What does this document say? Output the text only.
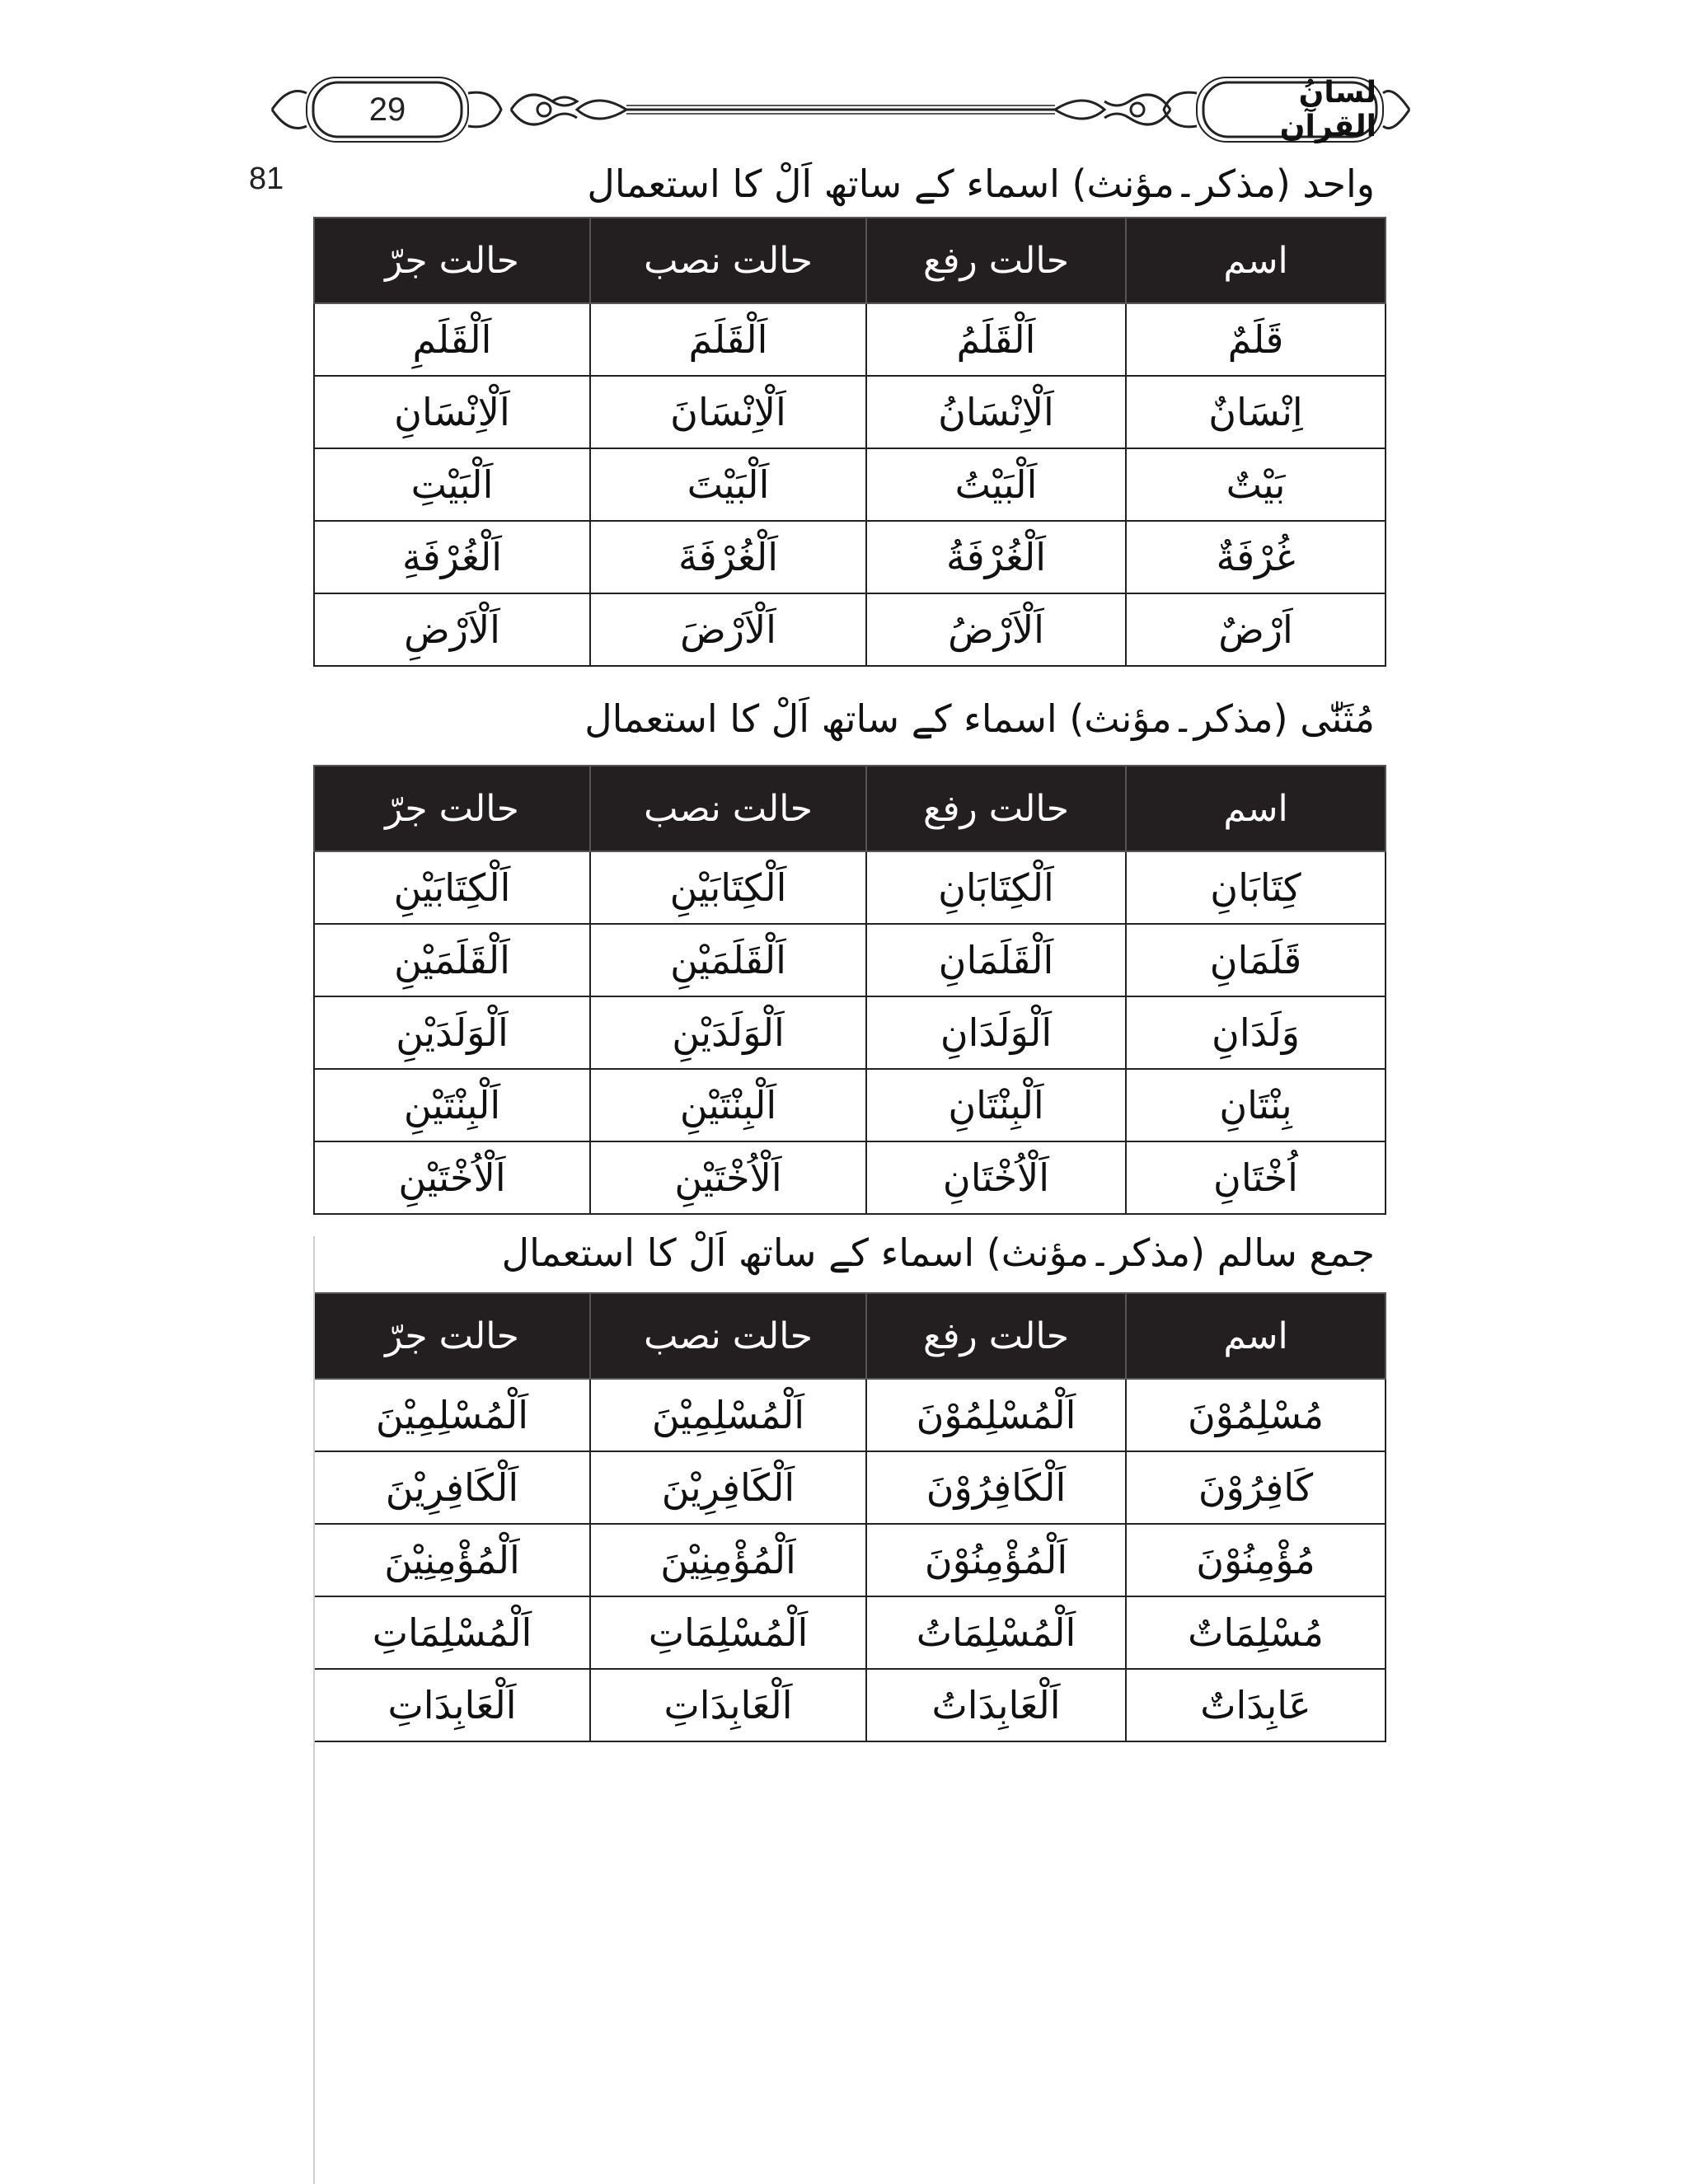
29	لسانُ القرآن
81	واحد (مذکر۔مؤنث) اسماء کے ساتھ اَلْ کا استعمال
اسم	حالت رفع	حالت نصب	حالت جرّ
قَلَمٌ	اَلْقَلَمُ	اَلْقَلَمَ	اَلْقَلَمِ
اِنْسَانٌ	اَلْاِنْسَانُ	اَلْاِنْسَانَ	اَلْاِنْسَانِ
بَيْتٌ	اَلْبَيْتُ	اَلْبَيْتَ	اَلْبَيْتِ
غُرْفَةٌ	اَلْغُرْفَةُ	اَلْغُرْفَةَ	اَلْغُرْفَةِ
اَرْضٌ	اَلْاَرْضُ	اَلْاَرْضَ	اَلْاَرْضِ
مُثَنّٰی (مذکر۔مؤنث) اسماء کے ساتھ اَلْ کا استعمال
اسم	حالت رفع	حالت نصب	حالت جرّ
كِتَابَانِ	اَلْكِتَابَانِ	اَلْكِتَابَيْنِ	اَلْكِتَابَيْنِ
قَلَمَانِ	اَلْقَلَمَانِ	اَلْقَلَمَيْنِ	اَلْقَلَمَيْنِ
وَلَدَانِ	اَلْوَلَدَانِ	اَلْوَلَدَيْنِ	اَلْوَلَدَيْنِ
بِنْتَانِ	اَلْبِنْتَانِ	اَلْبِنْتَيْنِ	اَلْبِنْتَيْنِ
اُخْتَانِ	اَلْاُخْتَانِ	اَلْاُخْتَيْنِ	اَلْاُخْتَيْنِ
جمع سالم (مذکر۔مؤنث) اسماء کے ساتھ اَلْ کا استعمال
اسم	حالت رفع	حالت نصب	حالت جرّ
مُسْلِمُوْنَ	اَلْمُسْلِمُوْنَ	اَلْمُسْلِمِيْنَ	اَلْمُسْلِمِيْنَ
كَافِرُوْنَ	اَلْكَافِرُوْنَ	اَلْكَافِرِيْنَ	اَلْكَافِرِيْنَ
مُؤْمِنُوْنَ	اَلْمُؤْمِنُوْنَ	اَلْمُؤْمِنِيْنَ	اَلْمُؤْمِنِيْنَ
مُسْلِمَاتٌ	اَلْمُسْلِمَاتُ	اَلْمُسْلِمَاتِ	اَلْمُسْلِمَاتِ
عَابِدَاتٌ	اَلْعَابِدَاتُ	اَلْعَابِدَاتِ	اَلْعَابِدَاتِ
